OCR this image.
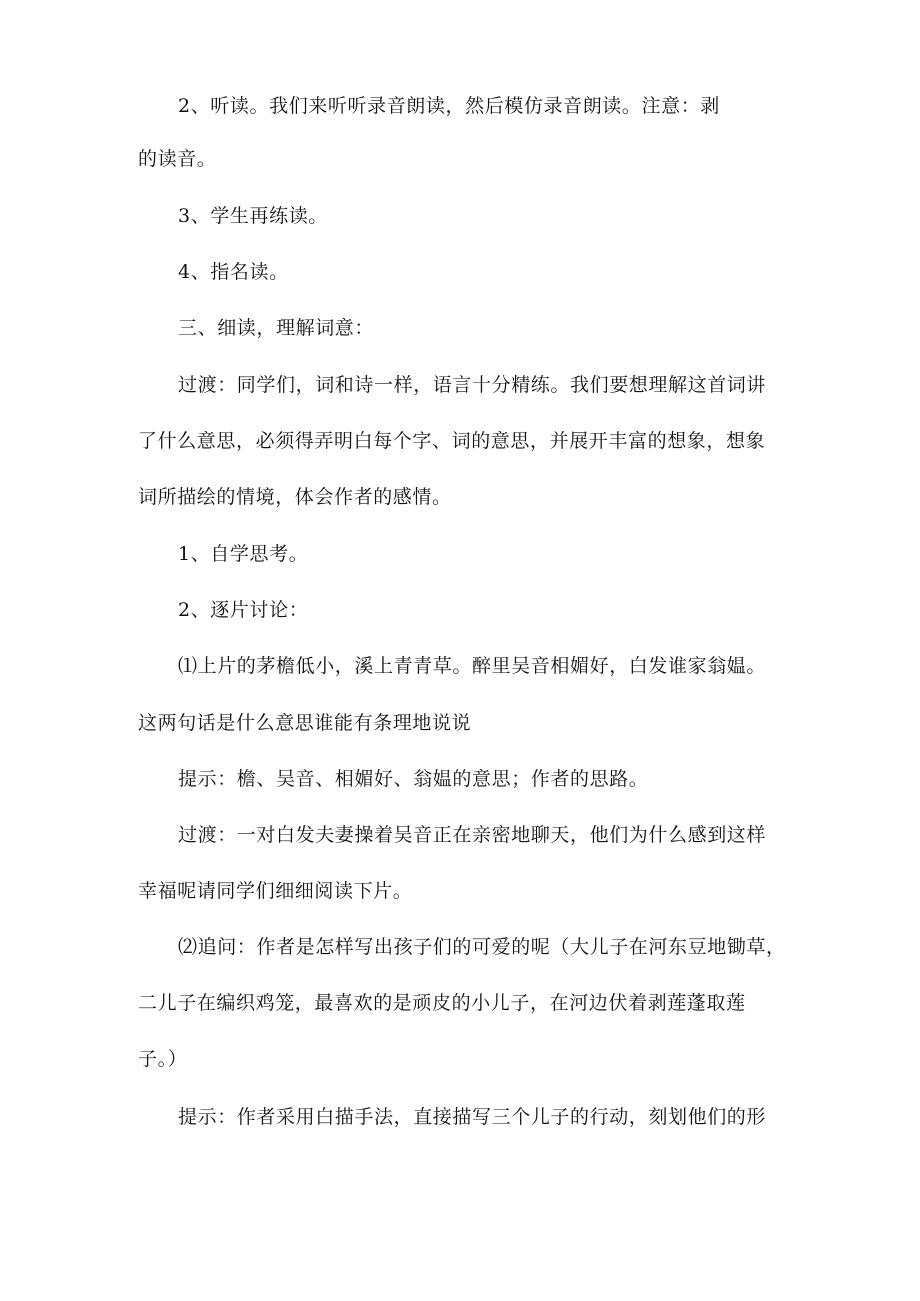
2、听读。我们来听听录音朗读，然后模仿录音朗读。注意：剥
的读音。
3、学生再练读。
4、指名读。
三、细读，理解词意：
过渡：同学们，词和诗一样，语言十分精练。我们要想理解这首词讲
了什么意思，必须得弄明白每个字、词的意思，并展开丰富的想象，想象
词所描绘的情境，体会作者的感情。
1、自学思考。
2、逐片讨论：
⑴上片的茅檐低小，溪上青青草。醉里吴音相媚好，白发谁家翁媪。
这两句话是什么意思谁能有条理地说说
提示：檐、吴音、相媚好、翁媪的意思；作者的思路。
过渡：一对白发夫妻操着吴音正在亲密地聊天，他们为什么感到这样
幸福呢请同学们细细阅读下片。
⑵追问：作者是怎样写出孩子们的可爱的呢（大儿子在河东豆地锄草，
二儿子在编织鸡笼，最喜欢的是顽皮的小儿子，在河边伏着剥莲蓬取莲
子。）
提示：作者采用白描手法，直接描写三个儿子的行动，刻划他们的形
